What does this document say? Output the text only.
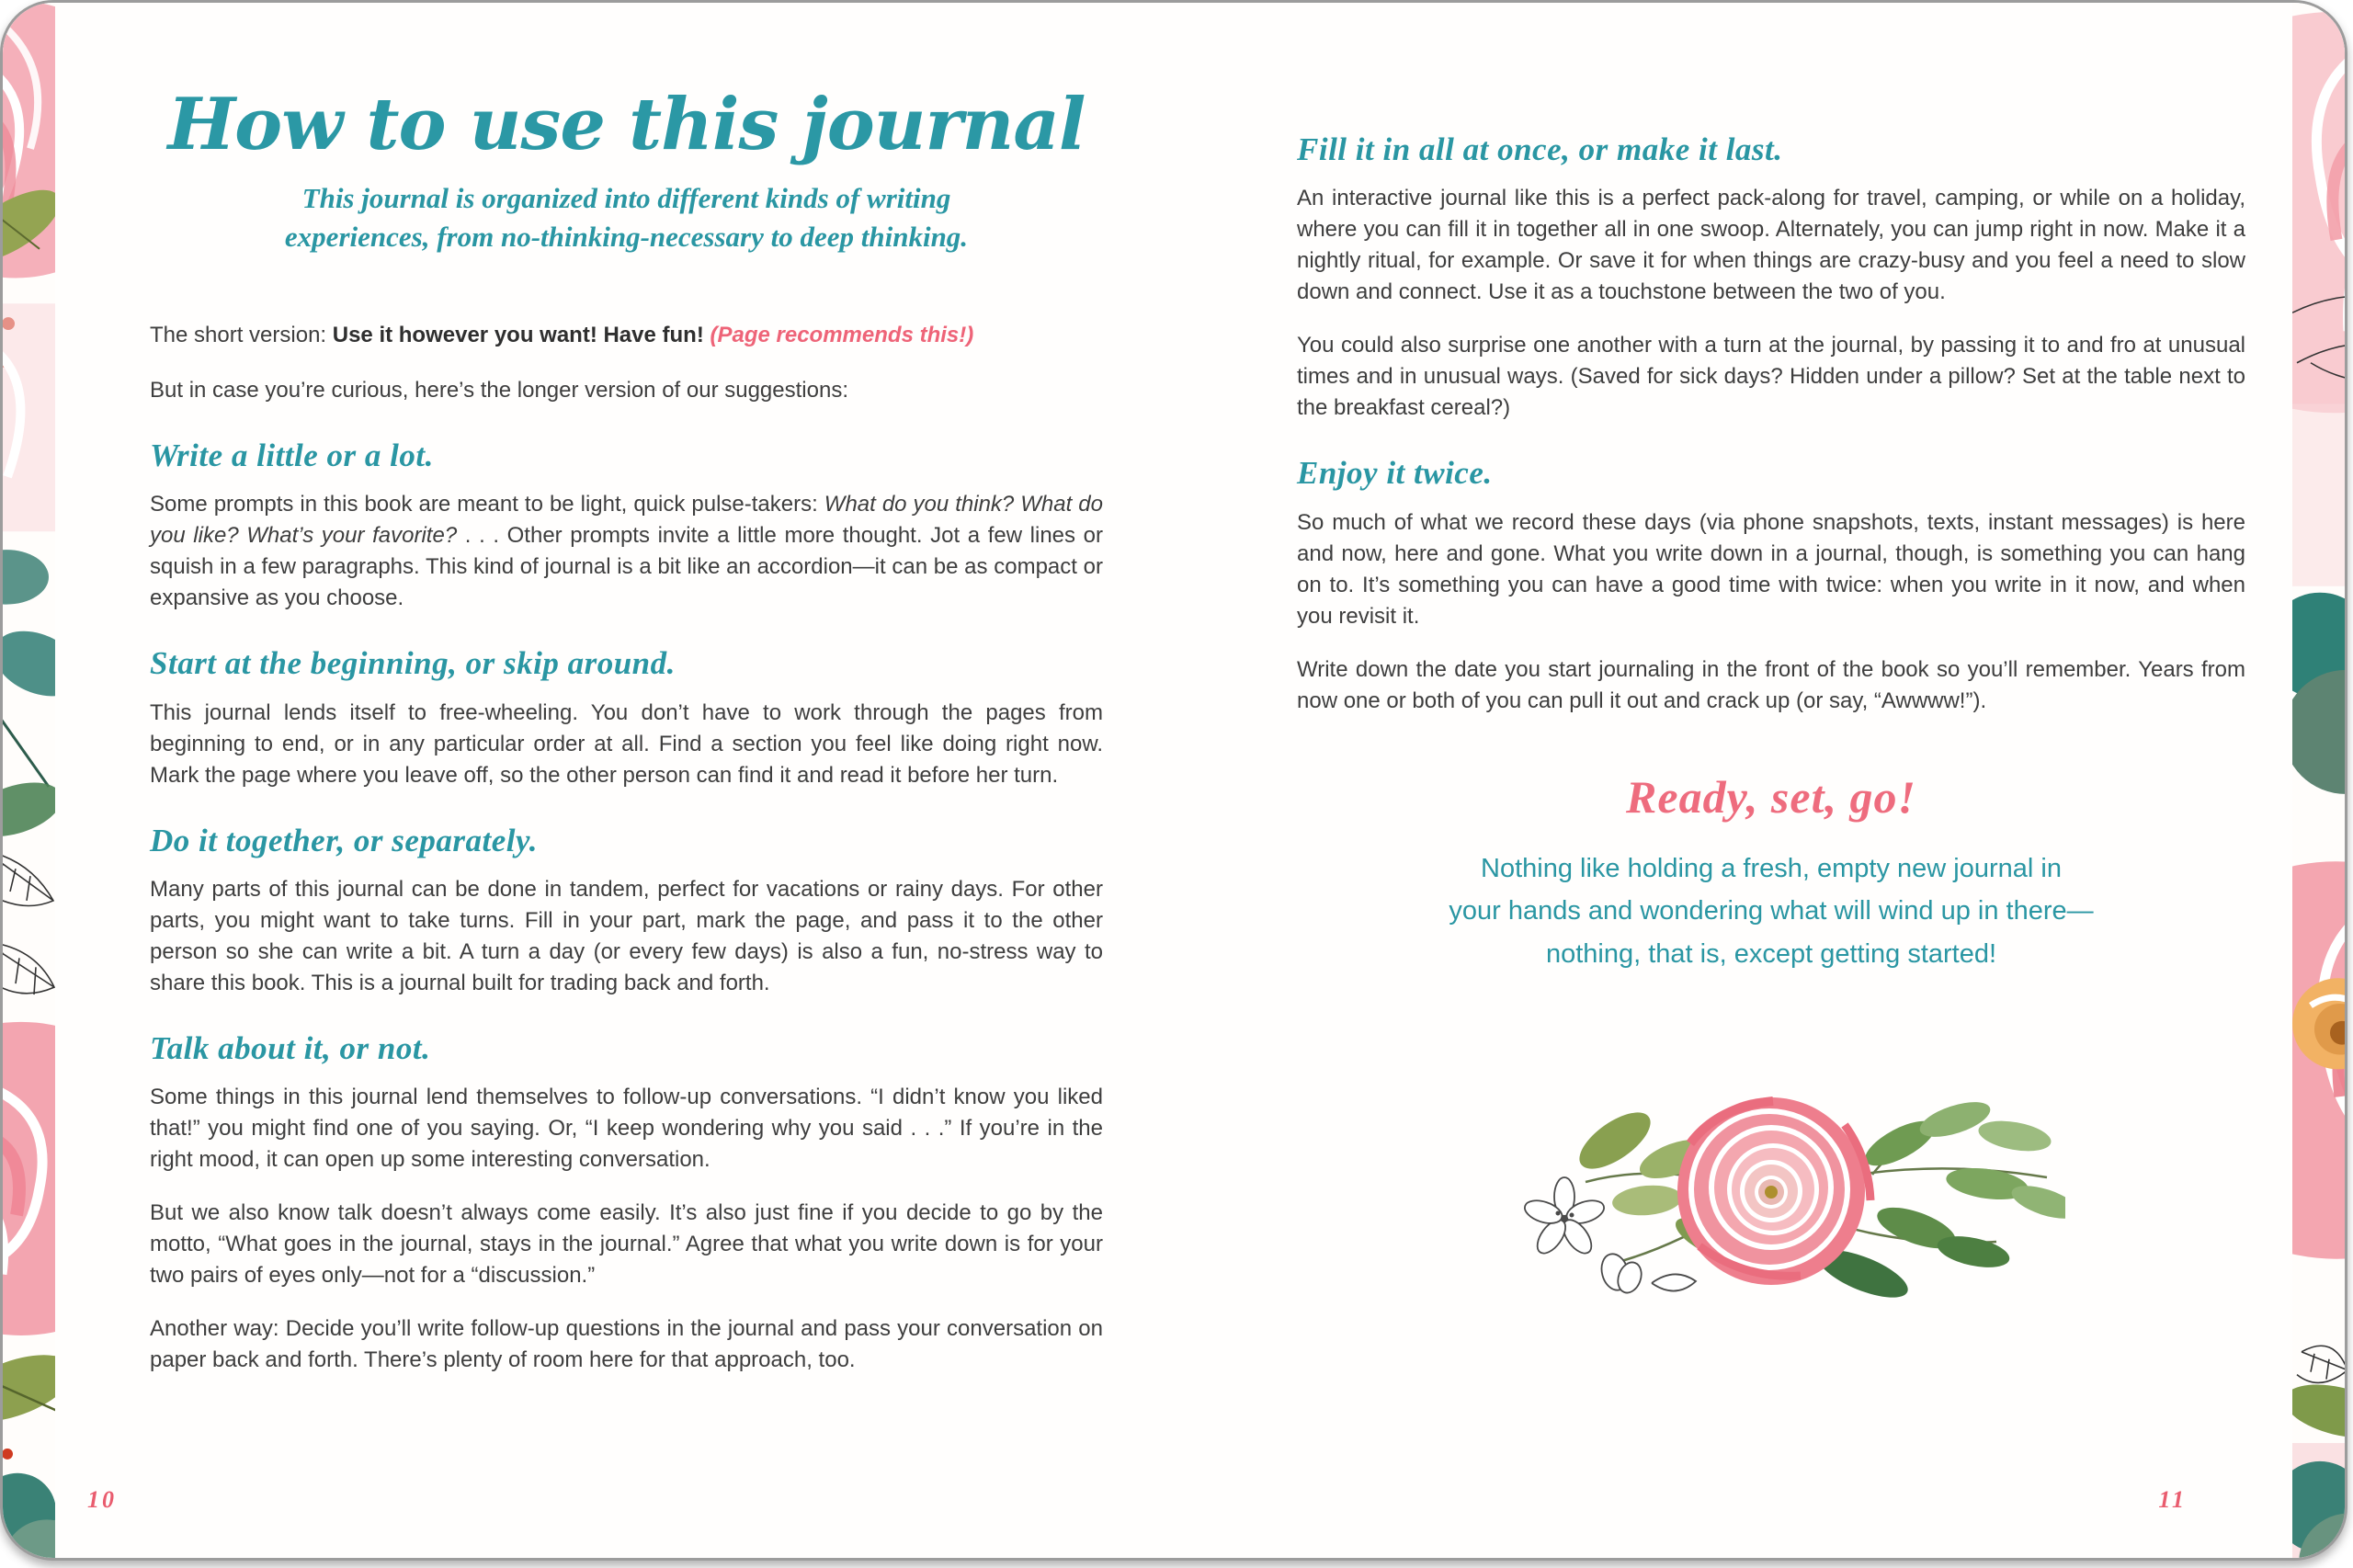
How to use this journal

This journal is organized into different kinds of writing
experiences, from no-thinking-necessary to deep thinking.

The short version: Use it however you want! Have fun! (Page recommends this!)

But in case you’re curious, here’s the longer version of our suggestions:

Write a little or a lot.

Some prompts in this book are meant to be light, quick pulse-takers: What do you think? What do you like? What’s your favorite? . . . Other prompts invite a little more thought. Jot a few lines or squish in a few paragraphs. This kind of journal is a bit like an accordion—it can be as compact or expansive as you choose.

Start at the beginning, or skip around.

This journal lends itself to free-wheeling. You don’t have to work through the pages from beginning to end, or in any particular order at all. Find a section you feel like doing right now. Mark the page where you leave off, so the other person can find it and read it before her turn.

Do it together, or separately.

Many parts of this journal can be done in tandem, perfect for vacations or rainy days. For other parts, you might want to take turns. Fill in your part, mark the page, and pass it to the other person so she can write a bit. A turn a day (or every few days) is also a fun, no-stress way to share this book. This is a journal built for trading back and forth.

Talk about it, or not.

Some things in this journal lend themselves to follow-up conversations. “I didn’t know you liked that!” you might find one of you saying. Or, “I keep wondering why you said . . .” If you’re in the right mood, it can open up some interesting conversation.

But we also know talk doesn’t always come easily. It’s also just fine if you decide to go by the motto, “What goes in the journal, stays in the journal.” Agree that what you write down is for your two pairs of eyes only—not for a “discussion.”

Another way: Decide you’ll write follow-up questions in the journal and pass your conversation on paper back and forth. There’s plenty of room here for that approach, too.

Fill it in all at once, or make it last.

An interactive journal like this is a perfect pack-along for travel, camping, or while on a holiday, where you can fill it in together all in one swoop. Alternately, you can jump right in now. Make it a nightly ritual, for example. Or save it for when things are crazy-busy and you feel a need to slow down and connect. Use it as a touchstone between the two of you.

You could also surprise one another with a turn at the journal, by passing it to and fro at unusual times and in unusual ways. (Saved for sick days? Hidden under a pillow? Set at the table next to the breakfast cereal?)

Enjoy it twice.

So much of what we record these days (via phone snapshots, texts, instant messages) is here and now, here and gone. What you write down in a journal, though, is something you can hang on to. It’s something you can have a good time with twice: when you write in it now, and when you revisit it.

Write down the date you start journaling in the front of the book so you’ll remember. Years from now one or both of you can pull it out and crack up (or say, “Awwww!”).

Ready, set, go!

Nothing like holding a fresh, empty new journal in
your hands and wondering what will wind up in there—
nothing, that is, except getting started!

10	11
